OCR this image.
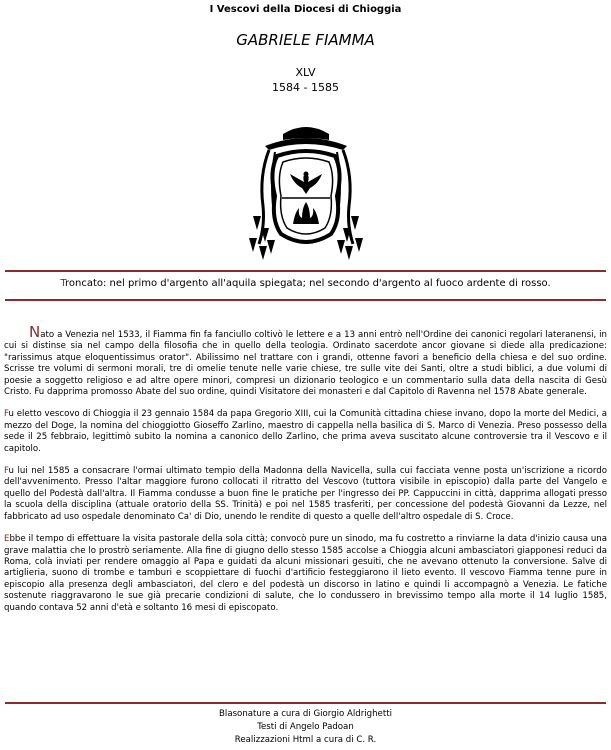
I Vescovi della Diocesi di Chioggia
GABRIELE FIAMMA
XLV
1584 - 1585
Troncato: nel primo d'argento all'aquila spiegata; nel secondo d'argento al fuoco ardente di rosso.

Nato a Venezia nel 1533, il Fiamma fin fa fanciullo coltivò le lettere e a 13 anni entrò nell'Ordine dei canonici regolari lateranensi, in cui si distinse sia nel campo della filosofia che in quello della teologia. Ordinato sacerdote ancor giovane si diede alla predicazione: "rarissimus atque eloquentissimus orator". Abilissimo nel trattare con i grandi, ottenne favori a beneficio della chiesa e del suo ordine. Scrisse tre volumi di sermoni morali, tre di omelie tenute nelle varie chiese, tre sulle vite dei Santi, oltre a studi biblici, a due volumi di poesie a soggetto religioso e ad altre opere minori, compresi un dizionario teologico e un commentario sulla data della nascita di Gesù Cristo. Fu dapprima promosso Abate del suo ordine, quindi Visitatore dei monasteri e dal Capitolo di Ravenna nel 1578 Abate generale.

Fu eletto vescovo di Chioggia il 23 gennaio 1584 da papa Gregorio XIII, cui la Comunità cittadina chiese invano, dopo la morte del Medici, a mezzo del Doge, la nomina del chioggiotto Gioseffo Zarlino, maestro di cappella nella basilica di S. Marco di Venezia. Preso possesso della sede il 25 febbraio, legittimò subito la nomina a canonico dello Zarlino, che prima aveva suscitato alcune controversie tra il Vescovo e il capitolo.

Fu lui nel 1585 a consacrare l'ormai ultimato tempio della Madonna della Navicella, sulla cui facciata venne posta un'iscrizione a ricordo dell'avvenimento. Presso l'altar maggiore furono collocati il ritratto del Vescovo (tuttora visibile in episcopio) dalla parte del Vangelo e quello del Podestà dall'altra. Il Fiamma condusse a buon fine le pratiche per l'ingresso dei PP. Cappuccini in città, dapprima allogati presso la scuola della disciplina (attuale oratorio della SS. Trinità) e poi nel 1585 trasferiti, per concessione del podestà Giovanni da Lezze, nel fabbricato ad uso ospedale denominato Ca' di Dio, unendo le rendite di questo a quelle dell'altro ospedale di S. Croce.

Ebbe il tempo di effettuare la visita pastorale della sola città; convocò pure un sinodo, ma fu costretto a rinviarne la data d'inizio causa una grave malattia che lo prostrò seriamente. Alla fine di giugno dello stesso 1585 accolse a Chioggia alcuni ambasciatori giapponesi reduci da Roma, colà inviati per rendere omaggio al Papa e guidati da alcuni missionari gesuiti, che ne avevano ottenuto la conversione. Salve di artiglieria, suono di trombe e tamburi e scoppiettare di fuochi d'artificio festeggiarono il lieto evento. Il vescovo Fiamma tenne pure in episcopio alla presenza degli ambasciatori, del clero e del podestà un discorso in latino e quindi li accompagnò a Venezia. Le fatiche sostenute riaggravarono le sue già precarie condizioni di salute, che lo condussero in brevissimo tempo alla morte il 14 luglio 1585, quando contava 52 anni d'età e soltanto 16 mesi di episcopato.

Blasonature a cura di Giorgio Aldrighetti
Testi di Angelo Padoan
Realizzazioni Html a cura di C. R.
